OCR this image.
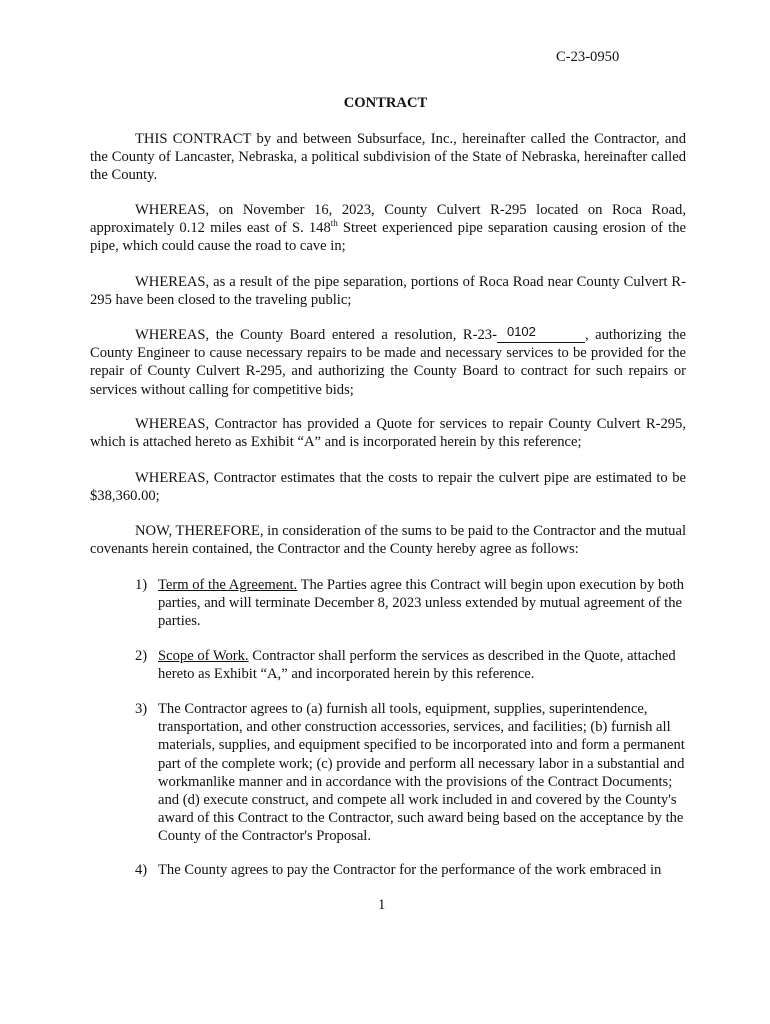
C-23-0950
CONTRACT
THIS CONTRACT by and between Subsurface, Inc., hereinafter called the Contractor, and the County of Lancaster, Nebraska, a political subdivision of the State of Nebraska, hereinafter called the County.
WHEREAS, on November 16, 2023, County Culvert R-295 located on Roca Road, approximately 0.12 miles east of S. 148th Street experienced pipe separation causing erosion of the pipe, which could cause the road to cave in;
WHEREAS, as a result of the pipe separation, portions of Roca Road near County Culvert R-295 have been closed to the traveling public;
WHEREAS, the County Board entered a resolution, R-23- 0102	, authorizing the County Engineer to cause necessary repairs to be made and necessary services to be provided for the repair of County Culvert R-295, and authorizing the County Board to contract for such repairs or services without calling for competitive bids;
WHEREAS, Contractor has provided a Quote for services to repair County Culvert R-295, which is attached hereto as Exhibit “A” and is incorporated herein by this reference;
WHEREAS, Contractor estimates that the costs to repair the culvert pipe are estimated to be $38,360.00;
NOW, THEREFORE, in consideration of the sums to be paid to the Contractor and the mutual covenants herein contained, the Contractor and the County hereby agree as follows:
1) Term of the Agreement. The Parties agree this Contract will begin upon execution by both parties, and will terminate December 8, 2023 unless extended by mutual agreement of the parties.
2) Scope of Work. Contractor shall perform the services as described in the Quote, attached hereto as Exhibit “A,” and incorporated herein by this reference.
3) The Contractor agrees to (a) furnish all tools, equipment, supplies, superintendence, transportation, and other construction accessories, services, and facilities; (b) furnish all materials, supplies, and equipment specified to be incorporated into and form a permanent part of the complete work; (c) provide and perform all necessary labor in a substantial and workmanlike manner and in accordance with the provisions of the Contract Documents; and (d) execute construct, and compete all work included in and covered by the County's award of this Contract to the Contractor, such award being based on the acceptance by the County of the Contractor's Proposal.
4) The County agrees to pay the Contractor for the performance of the work embraced in
1
